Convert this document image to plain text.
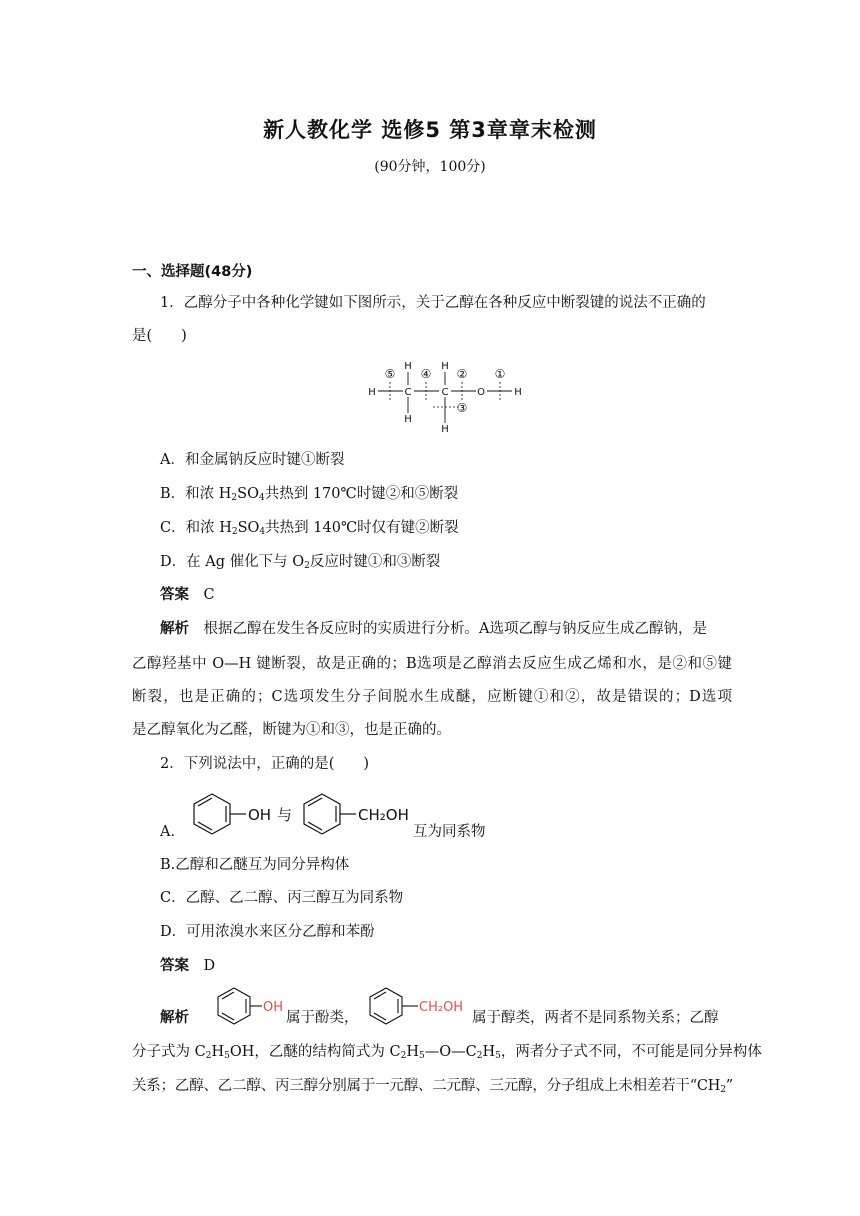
新人教化学 选修5 第3章章末检测
(90分钟，100分)
一、选择题(48分)
1．乙醇分子中各种化学键如下图所示，关于乙醇在各种反应中断裂键的说法不正确的
是(　　)
H	C
H
H
C
H
H
O	H
⑤ ④ ② ①
③
A．和金属钠反应时键①断裂
B．和浓 $H_2SO_4$共热到 170℃时键②和⑤断裂
C．和浓 $H_2SO_4$共热到 140℃时仅有键②断裂
D．在 Ag 催化下与 $O_2$反应时键①和③断裂
答案  C
解析  根据乙醇在发生各反应时的实质进行分析。A选项乙醇与钠反应生成乙醇钠，是
乙醇羟基中 O—H 键断裂，故是正确的；B选项是乙醇消去反应生成乙烯和水，是②和⑤键
断裂，也是正确的；C选项发生分子间脱水生成醚，应断键①和②，故是错误的；D选项
是乙醇氧化为乙醛，断键为①和③，也是正确的。
2．下列说法中，正确的是(　　)
A．
OH 与	CH₂OH
互为同系物
B.乙醇和乙醚互为同分异构体
C．乙醇、乙二醇、丙三醇互为同系物
D．可用浓溴水来区分乙醇和苯酚
答案  D
解析
OH
属于酚类，
CH₂OH
属于醇类，两者不是同系物关系；乙醇
分子式为 $C_2H_5OH$，乙醚的结构简式为 $C_2H_5—O—C_2H_5$，两者分子式不同，不可能是同分异构体
关系；乙醇、乙二醇、丙三醇分别属于一元醇、二元醇、三元醇，分子组成上未相差若干“$CH_2$”
